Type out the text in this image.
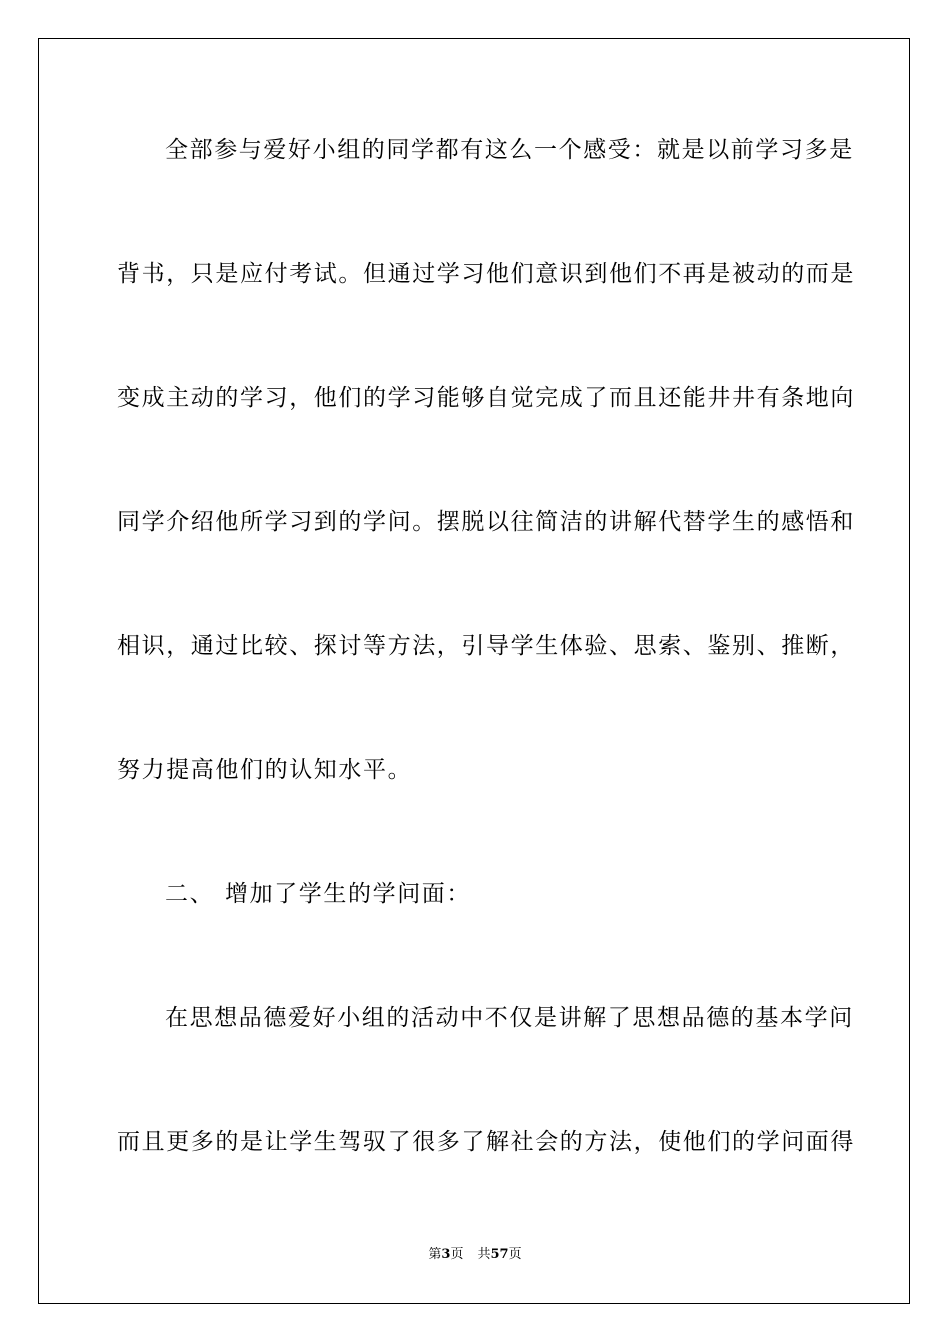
全部参与爱好小组的同学都有这么一个感受：就是以前学习多是
背书，只是应付考试。但通过学习他们意识到他们不再是被动的而是
变成主动的学习，他们的学习能够自觉完成了而且还能井井有条地向
同学介绍他所学习到的学问。摆脱以往简洁的讲解代替学生的感悟和
相识，通过比较、探讨等方法，引导学生体验、思索、鉴别、推断，
努力提高他们的认知水平。
二、 增加了学生的学问面：
在思想品德爱好小组的活动中不仅是讲解了思想品德的基本学问
而且更多的是让学生驾驭了很多了解社会的方法，使他们的学问面得
第3页 共57页
